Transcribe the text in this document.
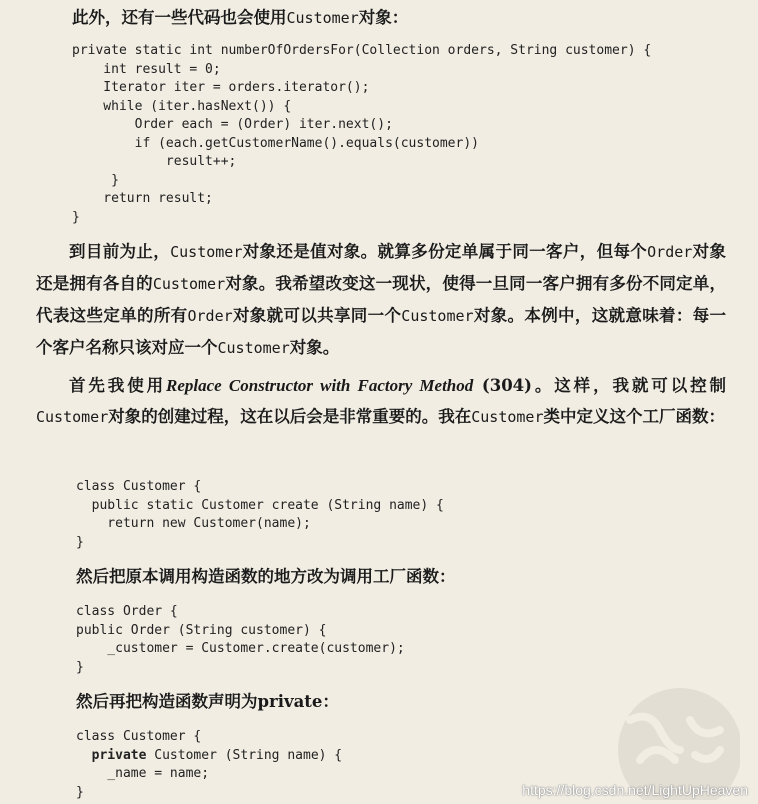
此外，还有一些代码也会使用Customer对象：

private static int numberOfOrdersFor(Collection orders, String customer) {
int result = 0;
Iterator iter = orders.iterator();
while (iter.hasNext()) {
Order each = (Order) iter.next();
if (each.getCustomerName().equals(customer))
result++;
}
return result;
}

到目前为止，Customer对象还是值对象。就算多份定单属于同一客户，但每个Order对象还是拥有各自的Customer对象。我希望改变这一现状，使得一旦同一客户拥有多份不同定单，代表这些定单的所有Order对象就可以共享同一个Customer对象。本例中，这就意味着：每一个客户名称只该对应一个Customer对象。

首先我使用Replace Constructor with Factory Method (304)。这样，我就可以控制Customer对象的创建过程，这在以后会是非常重要的。我在Customer类中定义这个工厂函数：

class Customer {
public static Customer create (String name) {
return new Customer(name);
}

然后把原本调用构造函数的地方改为调用工厂函数：

class Order {
public Order (String customer) {
_customer = Customer.create(customer);
}

然后再把构造函数声明为private：

class Customer {
private Customer (String name) {
_name = name;
}	https://blog.csdn.net/LightUpHeaven
